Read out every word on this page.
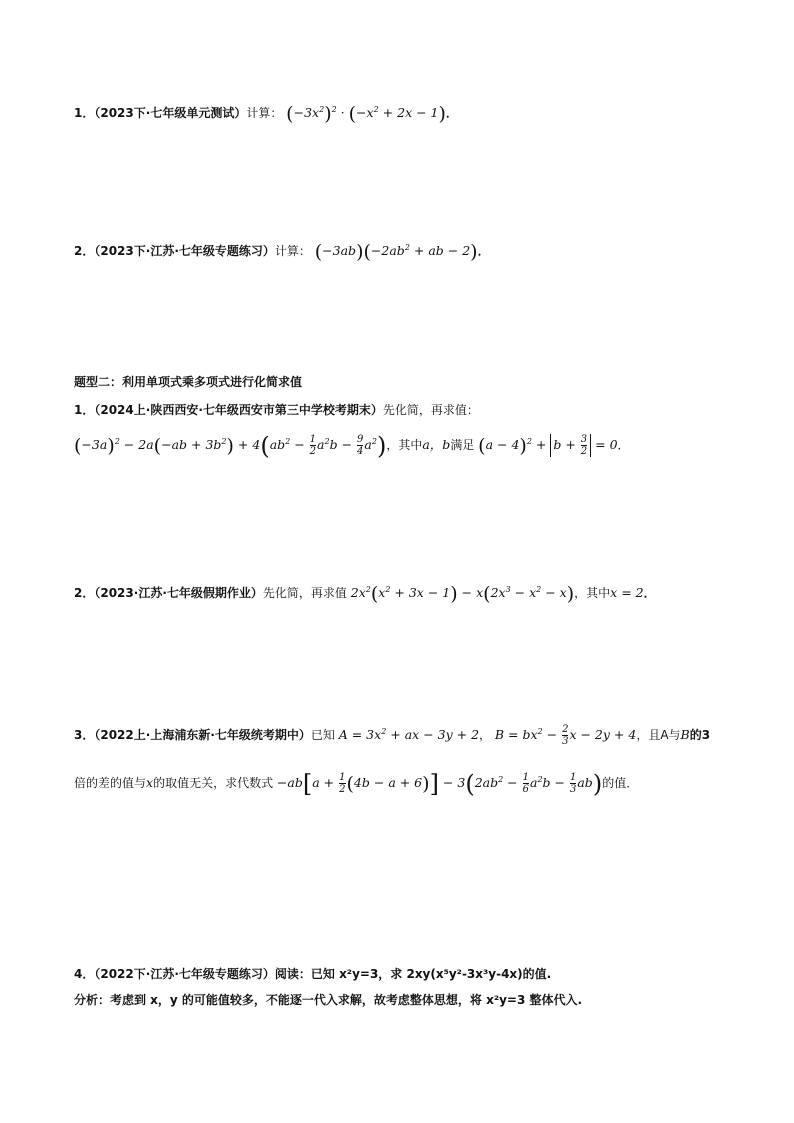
1．（2023下·七年级单元测试）计算： $(-3x^2)^2 \cdot (-x^2 + 2x - 1)$．
2．（2023下·江苏·七年级专题练习）计算： $(-3ab)(-2ab^2$ + ab − 2)．
题型二：利用单项式乘多项式进行化简求值
1．（2024上·陕西西安·七年级西安市第三中学校考期末）先化简，再求值：
$(-3a)^2 - 2a(-ab + 3b^2) + 4(ab^2 - \frac{1}{2} a^2b - \frac{9}{4} a^2)$，其中a，b满足 $(a - 4)^2 + b + \frac{3}{2} = 0$．
2．（2023·江苏·七年级假期作业）先化简，再求值 $2x^2(x^2 + 3x - 1) - x(2x^3 - x^2 - x)$，其中x = 2．
3．（2022上·上海浦东新·七年级统考期中）已知 $A = 3x^2$ + ax − 3y + 2， $B = bx^2 - \frac{2}{3}$ x − 2y + 4，且A与B的3
倍的差的值与x的取值无关，求代数式 $-ab[a + \frac{1}{2} (4b - a + 6)] - 3(2ab^2 - \frac{1}{6} a^2b - \frac{1}{3} ab)$的值．
4．（2022下·江苏·七年级专题练习）阅读：已知 x²y=3，求 2xy(x⁵y²-3x³y-4x)的值.
分析：考虑到 x，y 的可能值较多，不能逐一代入求解，故考虑整体思想，将 x²y=3 整体代入.
